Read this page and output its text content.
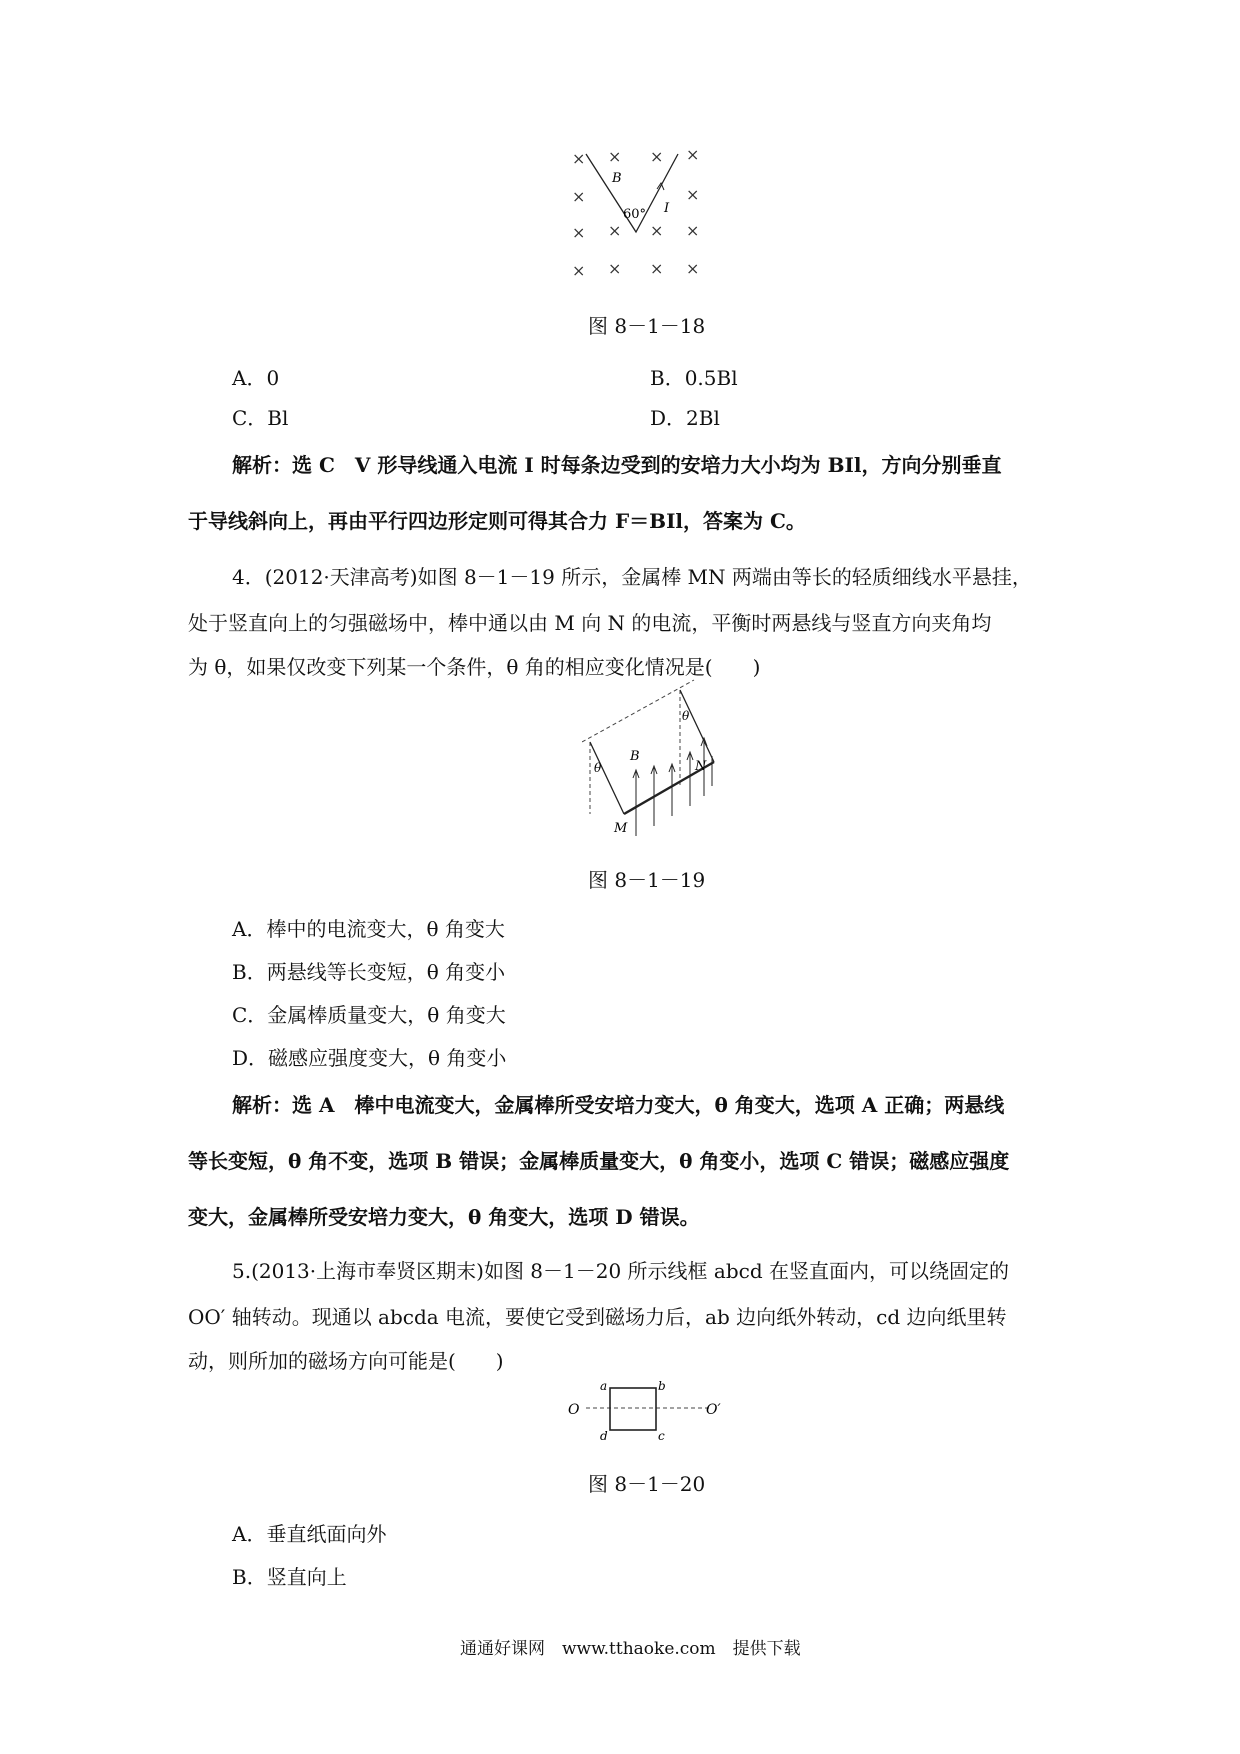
× × × ×
×	×
×	×
× × × ×
× ×
B
I
60°
图 8－1－18
A．0	B．0.5Bl
C．Bl	D．2Bl
解析：选 C　V 形导线通入电流 I 时每条边受到的安培力大小均为 BIl，方向分别垂直
于导线斜向上，再由平行四边形定则可得其合力 F＝BIl，答案为 C。
4．(2012·天津高考)如图 8－1－19 所示，金属棒 MN 两端由等长的轻质细线水平悬挂，
处于竖直向上的匀强磁场中，棒中通以由 M 向 N 的电流，平衡时两悬线与竖直方向夹角均
为 θ，如果仅改变下列某一个条件，θ 角的相应变化情况是(　　)
θ
θ
B
M
N
图 8－1－19
A．棒中的电流变大，θ 角变大
B．两悬线等长变短，θ 角变小
C．金属棒质量变大，θ 角变大
D．磁感应强度变大，θ 角变小
解析：选 A　棒中电流变大，金属棒所受安培力变大，θ 角变大，选项 A 正确；两悬线
等长变短，θ 角不变，选项 B 错误；金属棒质量变大，θ 角变小，选项 C 错误；磁感应强度
变大，金属棒所受安培力变大，θ 角变大，选项 D 错误。
5.(2013·上海市奉贤区期末)如图 8－1－20 所示线框 abcd 在竖直面内，可以绕固定的
OO′ 轴转动。现通以 abcda 电流，要使它受到磁场力后，ab 边向纸外转动，cd 边向纸里转
动，则所加的磁场方向可能是(　　)
O	O′
a	b
c
d
图 8－1－20
A．垂直纸面向外
B．竖直向上
通通好课网　www.tthaoke.com　提供下载
